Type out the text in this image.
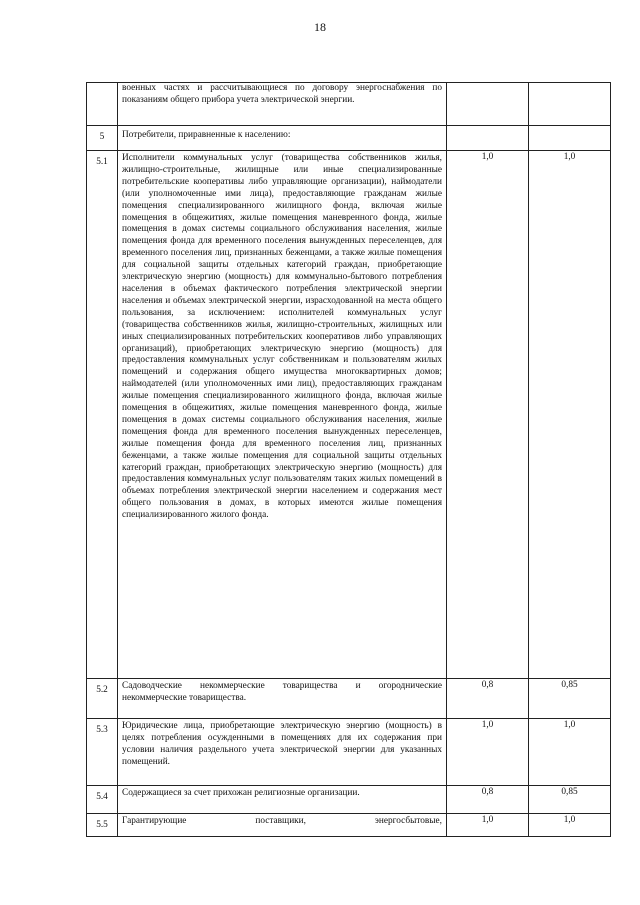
18

	военных частях и рассчитывающиеся по договору энергоснабжения по показаниям общего прибора учета электрической энергии.		

5	Потребители, приравненные к населению:		

5.1	Исполнители коммунальных услуг (товарищества собственников жилья, жилищно-строительные, жилищные или иные специализированные потребительские кооперативы либо управляющие организации), наймодатели (или уполномоченные ими лица), предоставляющие гражданам жилые помещения специализированного жилищного фонда, включая жилые помещения в общежитиях, жилые помещения маневренного фонда, жилые помещения в домах системы социального обслуживания населения, жилые помещения фонда для временного поселения вынужденных переселенцев, для временного поселения лиц, признанных беженцами, а также жилые помещения для социальной защиты отдельных категорий граждан, приобретающие электрическую энергию (мощность) для коммунально-бытового потребления населения в объемах фактического потребления электрической энергии населения и объемах электрической энергии, израсходованной на места общего пользования, за исключением: исполнителей коммунальных услуг (товарищества собственников жилья, жилищно-строительных, жилищных или иных специализированных потребительских кооперативов либо управляющих организаций), приобретающих электрическую энергию (мощность) для предоставления коммунальных услуг собственникам и пользователям жилых помещений и содержания общего имущества многоквартирных домов; наймодателей (или уполномоченных ими лиц), предоставляющих гражданам жилые помещения специализированного жилищного фонда, включая жилые помещения в общежитиях, жилые помещения маневренного фонда, жилые помещения в домах системы социального обслуживания населения, жилые помещения фонда для временного поселения вынужденных переселенцев, жилые помещения фонда для временного поселения лиц, признанных беженцами, а также жилые помещения для социальной защиты отдельных категорий граждан, приобретающих электрическую энергию (мощность) для предоставления коммунальных услуг пользователям таких жилых помещений в объемах потребления электрической энергии населением и содержания мест общего пользования в домах, в которых имеются жилые помещения специализированного жилого фонда.	1,0	1,0
5.2	Садоводческие некоммерческие товарищества и огороднические некоммерческие товарищества.	0,8	0,85
5.3	Юридические лица, приобретающие электрическую энергию (мощность) в целях потребления осужденными в помещениях для их содержания при условии наличия раздельного учета электрической энергии для указанных помещений.	1,0	1,0
5.4	Содержащиеся за счет прихожан религиозные организации.	0,8	0,85
5.5	Гарантирующие поставщики, энергосбытовые,	1,0	1,0
